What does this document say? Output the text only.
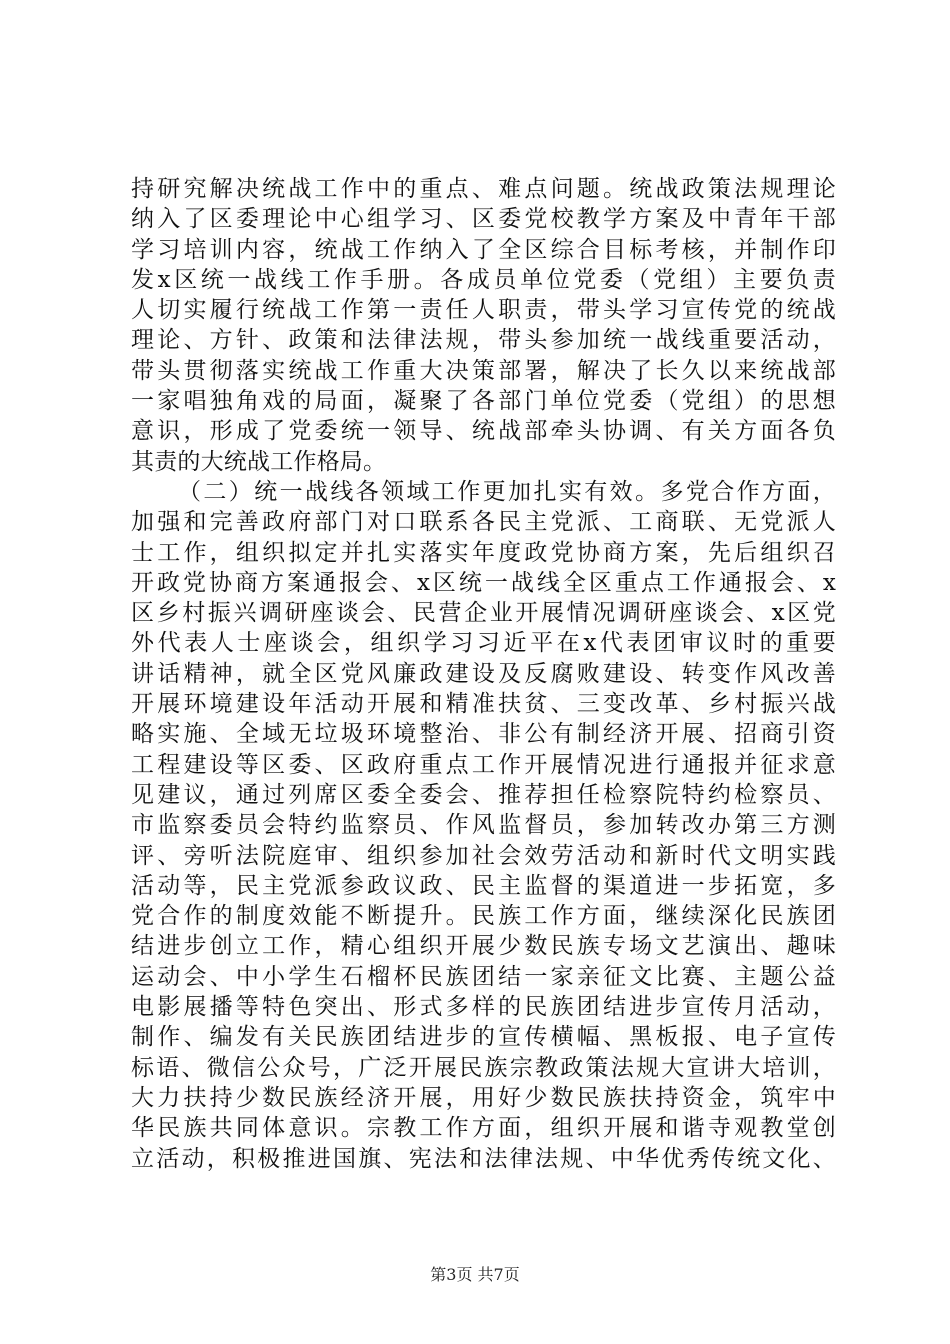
持研究解决统战工作中的重点、难点问题。统战政策法规理论
纳入了区委理论中心组学习、区委党校教学方案及中青年干部
学习培训内容，统战工作纳入了全区综合目标考核，并制作印
发x区统一战线工作手册。各成员单位党委（党组）主要负责
人切实履行统战工作第一责任人职责，带头学习宣传党的统战
理论、方针、政策和法律法规，带头参加统一战线重要活动，
带头贯彻落实统战工作重大决策部署，解决了长久以来统战部
一家唱独角戏的局面，凝聚了各部门单位党委（党组）的思想
意识，形成了党委统一领导、统战部牵头协调、有关方面各负
其责的大统战工作格局。
（二）统一战线各领域工作更加扎实有效。多党合作方面，
加强和完善政府部门对口联系各民主党派、工商联、无党派人
士工作，组织拟定并扎实落实年度政党协商方案，先后组织召
开政党协商方案通报会、x区统一战线全区重点工作通报会、x
区乡村振兴调研座谈会、民营企业开展情况调研座谈会、x区党
外代表人士座谈会，组织学习习近平在x代表团审议时的重要
讲话精神，就全区党风廉政建设及反腐败建设、转变作风改善
开展环境建设年活动开展和精准扶贫、三变改革、乡村振兴战
略实施、全域无垃圾环境整治、非公有制经济开展、招商引资
工程建设等区委、区政府重点工作开展情况进行通报并征求意
见建议，通过列席区委全委会、推荐担任检察院特约检察员、
市监察委员会特约监察员、作风监督员，参加转改办第三方测
评、旁听法院庭审、组织参加社会效劳活动和新时代文明实践
活动等，民主党派参政议政、民主监督的渠道进一步拓宽，多
党合作的制度效能不断提升。民族工作方面，继续深化民族团
结进步创立工作，精心组织开展少数民族专场文艺演出、趣味
运动会、中小学生石榴杯民族团结一家亲征文比赛、主题公益
电影展播等特色突出、形式多样的民族团结进步宣传月活动，
制作、编发有关民族团结进步的宣传横幅、黑板报、电子宣传
标语、微信公众号，广泛开展民族宗教政策法规大宣讲大培训，
大力扶持少数民族经济开展，用好少数民族扶持资金，筑牢中
华民族共同体意识。宗教工作方面，组织开展和谐寺观教堂创
立活动，积极推进国旗、宪法和法律法规、中华优秀传统文化、
第3页 共7页
